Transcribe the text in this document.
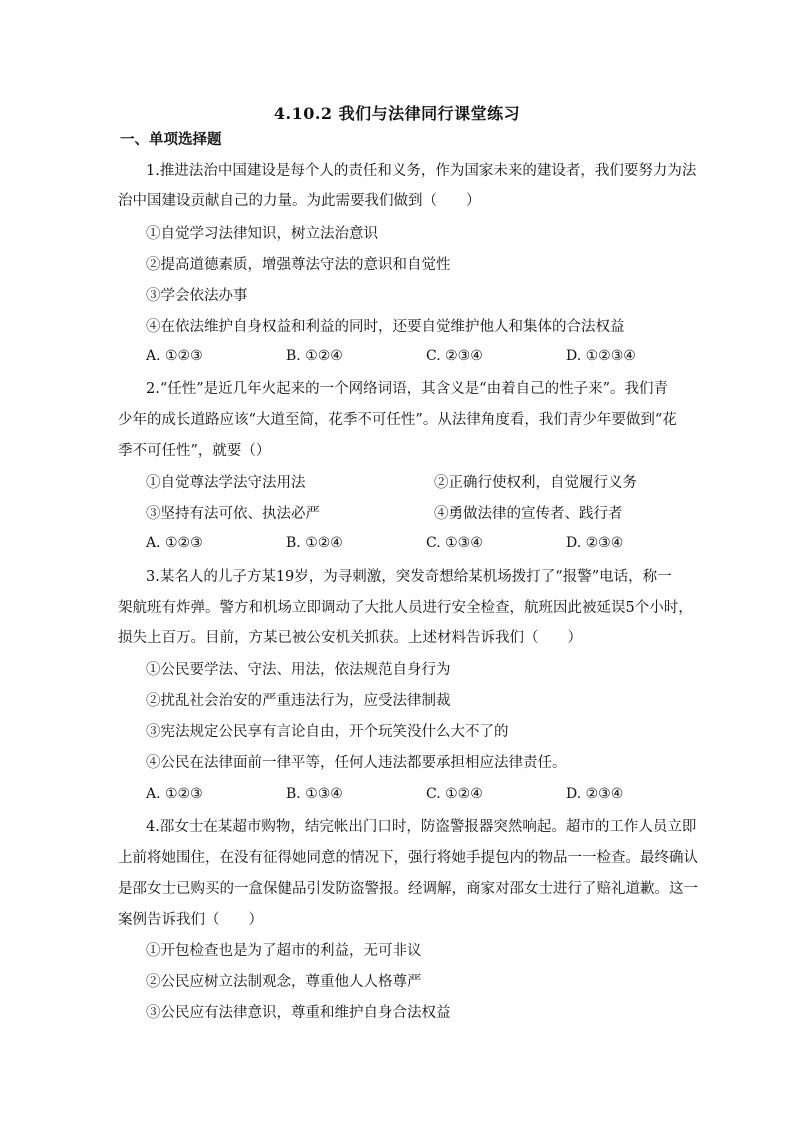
4.10.2 我们与法律同行课堂练习
一、单项选择题
1.推进法治中国建设是每个人的责任和义务，作为国家未来的建设者，我们要努力为法
治中国建设贡献自己的力量。为此需要我们做到（　　）
①自觉学习法律知识，树立法治意识
②提高道德素质，增强尊法守法的意识和自觉性
③学会依法办事
④在依法维护自身权益和利益的同时，还要自觉维护他人和集体的合法权益
A. ①②③	B. ①②④	C. ②③④	D. ①②③④
2.“任性”是近几年火起来的一个网络词语，其含义是“由着自己的性子来”。我们青
少年的成长道路应该“大道至简，花季不可任性”。从法律角度看，我们青少年要做到“花
季不可任性”，就要（）
①自觉尊法学法守法用法	②正确行使权利，自觉履行义务
③坚持有法可依、执法必严	④勇做法律的宣传者、践行者
A. ①②③	B. ①②④	C. ①③④	D. ②③④
3.某名人的儿子方某19岁，为寻刺激，突发奇想给某机场拨打了“报警”电话，称一
架航班有炸弹。警方和机场立即调动了大批人员进行安全检查，航班因此被延误5个小时，
损失上百万。目前，方某已被公安机关抓获。上述材料告诉我们（　　）
①公民要学法、守法、用法，依法规范自身行为
②扰乱社会治安的严重违法行为，应受法律制裁
③宪法规定公民享有言论自由，开个玩笑没什么大不了的
④公民在法律面前一律平等，任何人违法都要承担相应法律责任。
A. ①②③	B. ①③④	C. ①②④	D. ②③④
4.邵女士在某超市购物，结完帐出门口时，防盗警报器突然响起。超市的工作人员立即
上前将她围住，在没有征得她同意的情况下，强行将她手提包内的物品一一检查。最终确认
是邵女士已购买的一盒保健品引发防盗警报。经调解，商家对邵女士进行了赔礼道歉。这一
案例告诉我们（　　）
①开包检查也是为了超市的利益，无可非议
②公民应树立法制观念，尊重他人人格尊严
③公民应有法律意识，尊重和维护自身合法权益
